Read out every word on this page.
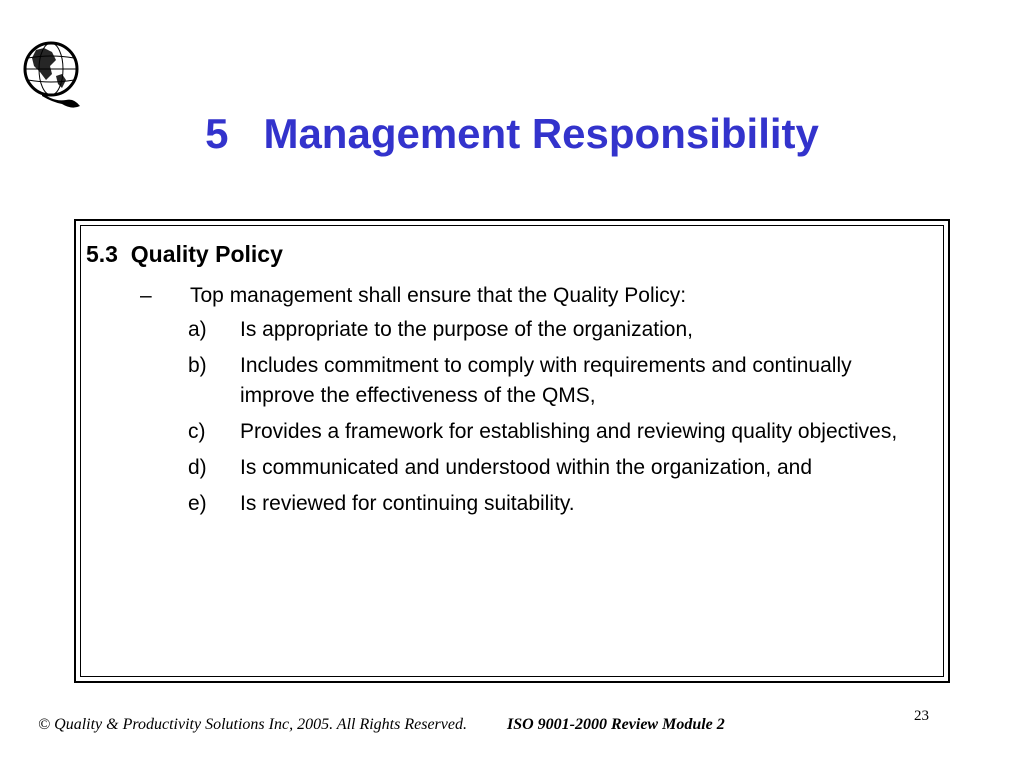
5   Management Responsibility
5.3  Quality Policy
–	Top management shall ensure that the Quality Policy:
a)	Is appropriate to the purpose of the organization,
b)	Includes commitment to comply with requirements and continually improve the effectiveness of the QMS,
c)	Provides a framework for establishing and reviewing quality objectives,
d)	Is communicated and understood within the organization, and
e)	Is reviewed for continuing suitability.
© Quality & Productivity Solutions Inc, 2005. All Rights Reserved.	ISO 9001-2000 Review Module 2	23
